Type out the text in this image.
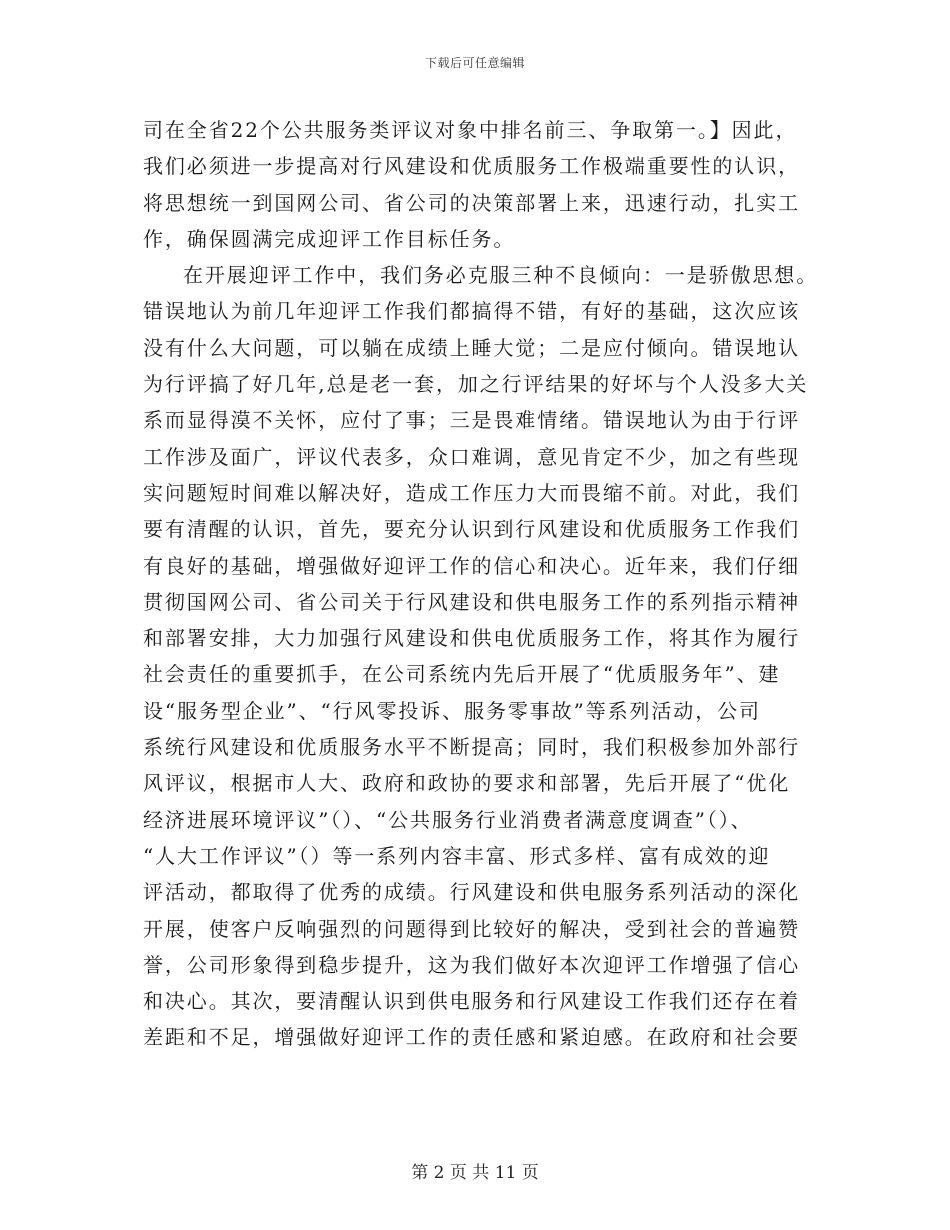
下载后可任意编辑
司在全省22个公共服务类评议对象中排名前三、争取第一。】因此，
我们必须进一步提高对行风建设和优质服务工作极端重要性的认识，
将思想统一到国网公司、省公司的决策部署上来，迅速行动，扎实工
作，确保圆满完成迎评工作目标任务。
在开展迎评工作中，我们务必克服三种不良倾向：一是骄傲思想。
错误地认为前几年迎评工作我们都搞得不错，有好的基础，这次应该
没有什么大问题，可以躺在成绩上睡大觉；二是应付倾向。错误地认
为行评搞了好几年,总是老一套，加之行评结果的好坏与个人没多大关
系而显得漠不关怀，应付了事；三是畏难情绪。错误地认为由于行评
工作涉及面广，评议代表多，众口难调，意见肯定不少，加之有些现
实问题短时间难以解决好，造成工作压力大而畏缩不前。对此，我们
要有清醒的认识，首先，要充分认识到行风建设和优质服务工作我们
有良好的基础，增强做好迎评工作的信心和决心。近年来，我们仔细
贯彻国网公司、省公司关于行风建设和供电服务工作的系列指示精神
和部署安排，大力加强行风建设和供电优质服务工作，将其作为履行
社会责任的重要抓手，在公司系统内先后开展了“优质服务年”、建
设“服务型企业”、“行风零投诉、服务零事故”等系列活动，公司
系统行风建设和优质服务水平不断提高；同时，我们积极参加外部行
风评议，根据市人大、政府和政协的要求和部署，先后开展了“优化
经济进展环境评议”（）、“公共服务行业消费者满意度调查”（）、
“人大工作评议”（）等一系列内容丰富、形式多样、富有成效的迎
评活动，都取得了优秀的成绩。行风建设和供电服务系列活动的深化
开展，使客户反响强烈的问题得到比较好的解决，受到社会的普遍赞
誉，公司形象得到稳步提升，这为我们做好本次迎评工作增强了信心
和决心。其次，要清醒认识到供电服务和行风建设工作我们还存在着
差距和不足，增强做好迎评工作的责任感和紧迫感。在政府和社会要
第 2 页 共 11 页
